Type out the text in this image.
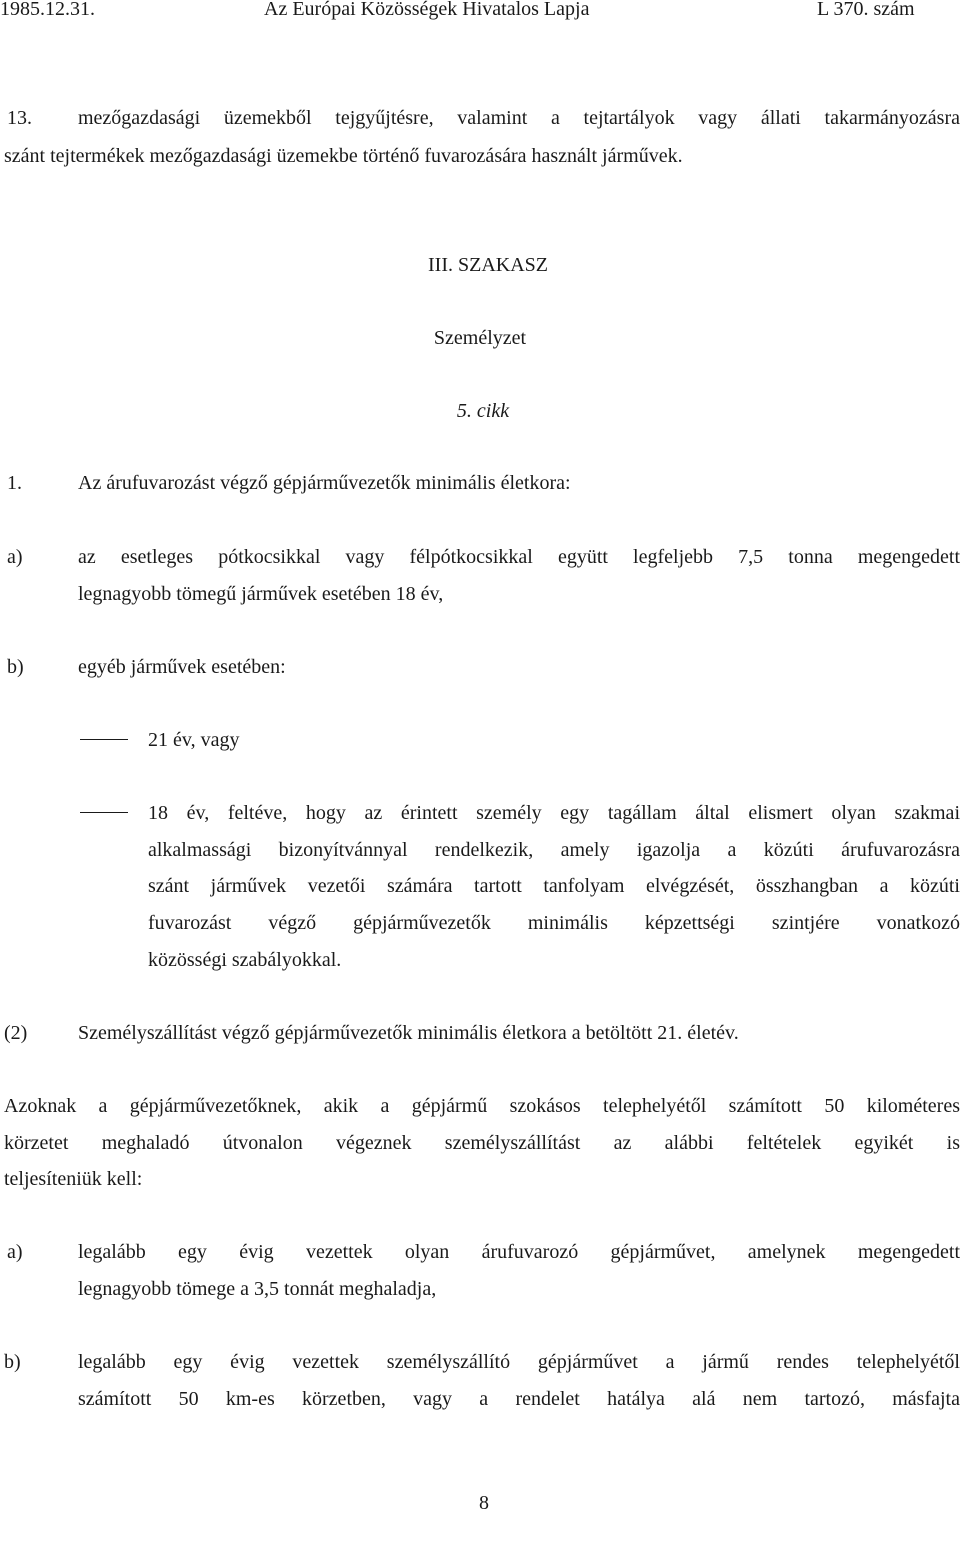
1985.12.31.	Az Európai Közösségek Hivatalos Lapja	L 370. szám
13. mezőgazdasági üzemekből tejgyűjtésre, valamint a tejtartályok vagy állati takarmányozásra
szánt tejtermékek mezőgazdasági üzemekbe történő fuvarozására használt járművek.
III. SZAKASZ
Személyzet
5. cikk
1.	Az árufuvarozást végző gépjárművezetők minimális életkora:
a)	az esetleges pótkocsikkal vagy félpótkocsikkal együtt legfeljebb 7,5 tonna megengedett
legnagyobb tömegű járművek esetében 18 év,
b)	egyéb járművek esetében:
21 év, vagy
18 év, feltéve, hogy az érintett személy egy tagállam által elismert olyan szakmai
alkalmassági bizonyítvánnyal rendelkezik, amely igazolja a közúti árufuvarozásra
szánt járművek vezetői számára tartott tanfolyam elvégzését, összhangban a közúti
fuvarozást végző gépjárművezetők minimális képzettségi szintjére vonatkozó
közösségi szabályokkal.
(2)	Személyszállítást végző gépjárművezetők minimális életkora a betöltött 21. életév.
Azoknak a gépjárművezetőknek, akik a gépjármű szokásos telephelyétől számított 50 kilométeres
körzetet meghaladó útvonalon végeznek személyszállítást az alábbi feltételek egyikét is
teljesíteniük kell:
a)	legalább egy évig vezettek olyan árufuvarozó gépjárművet, amelynek megengedett
legnagyobb tömege a 3,5 tonnát meghaladja,
b)	legalább egy évig vezettek személyszállító gépjárművet a jármű rendes telephelyétől
számított 50 km-es körzetben, vagy a rendelet hatálya alá nem tartozó, másfajta
8
